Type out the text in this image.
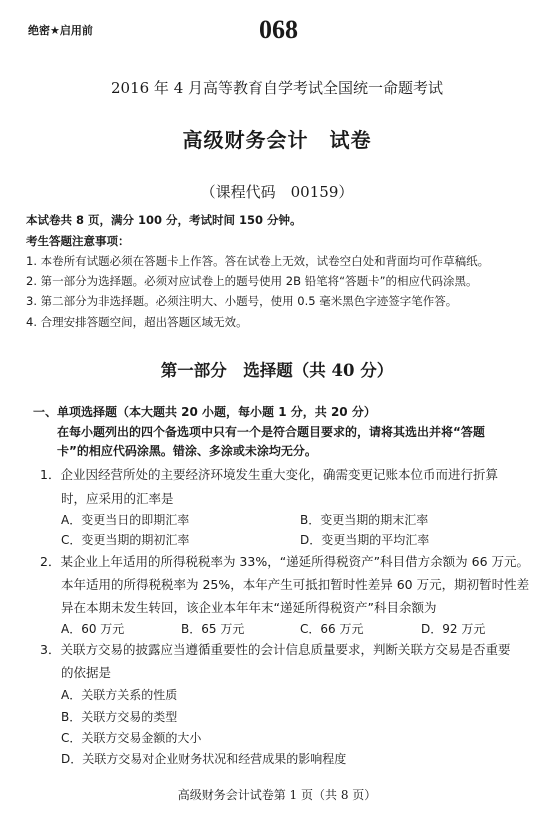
绝密★启用前	068
2016 年 4 月高等教育自学考试全国统一命题考试
高级财务会计　试卷
（课程代码　00159）
本试卷共 8 页，满分 100 分，考试时间 150 分钟。
考生答题注意事项：
1. 本卷所有试题必须在答题卡上作答。答在试卷上无效，试卷空白处和背面均可作草稿纸。
2. 第一部分为选择题。必须对应试卷上的题号使用 2B 铅笔将“答题卡”的相应代码涂黑。
3. 第二部分为非选择题。必须注明大、小题号，使用 0.5 毫米黑色字迹签字笔作答。
4. 合理安排答题空间，超出答题区域无效。
第一部分　选择题（共 40 分）
一、单项选择题（本大题共 20 小题，每小题 1 分，共 20 分）
在每小题列出的四个备选项中只有一个是符合题目要求的，请将其选出并将“答题
卡”的相应代码涂黑。错涂、多涂或未涂均无分。
1．企业因经营所处的主要经济环境发生重大变化，确需变更记账本位币而进行折算
时，应采用的汇率是
A．变更当日的即期汇率	B．变更当期的期末汇率
C．变更当期的期初汇率	D．变更当期的平均汇率
2．某企业上年适用的所得税税率为 33%，“递延所得税资产”科目借方余额为 66 万元。
本年适用的所得税税率为 25%，本年产生可抵扣暂时性差异 60 万元，期初暂时性差
异在本期未发生转回，该企业本年年末“递延所得税资产”科目余额为
A．60 万元	B．65 万元	C．66 万元	D．92 万元
3．关联方交易的披露应当遵循重要性的会计信息质量要求，判断关联方交易是否重要
的依据是
A．关联方关系的性质
B．关联方交易的类型
C．关联方交易金额的大小
D．关联方交易对企业财务状况和经营成果的影响程度
高级财务会计试卷第 1 页（共 8 页）
